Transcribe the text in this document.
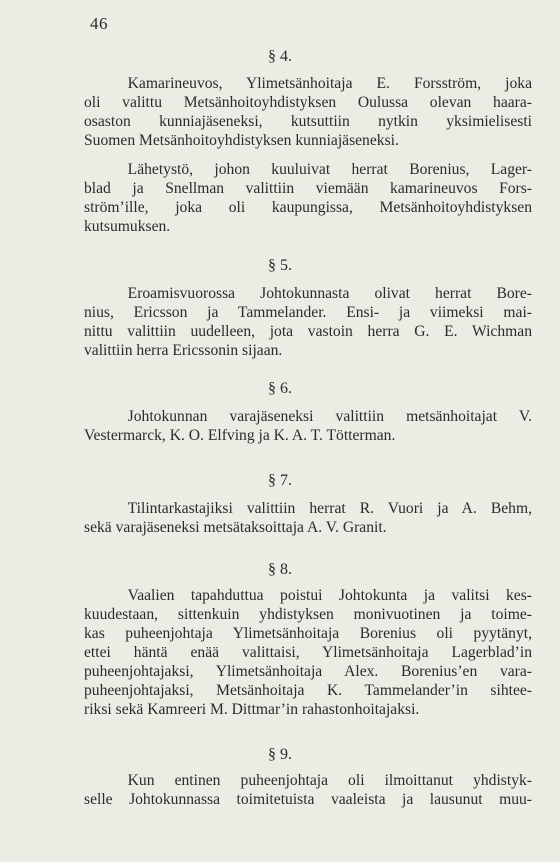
46
§ 4.
Kamarineuvos, Ylimetsänhoitaja E. Forsström, joka
oli valittu Metsänhoitoyhdistyksen Oulussa olevan haara-
osaston kunniajäseneksi, kutsuttiin nytkin yksimielisesti
Suomen Metsänhoitoyhdistyksen kunniajäseneksi.
Lähetystö, johon kuuluivat herrat Borenius, Lager-
blad ja Snellman valittiin viemään kamarineuvos Fors-
ström’ille, joka oli kaupungissa, Metsänhoitoyhdistyksen
kutsumuksen.
§ 5.
Eroamisvuorossa Johtokunnasta olivat herrat Bore-
nius, Ericsson ja Tammelander. Ensi- ja viimeksi mai-
nittu valittiin uudelleen, jota vastoin herra G. E. Wichman
valittiin herra Ericssonin sijaan.
§ 6.
Johtokunnan varajäseneksi valittiin metsänhoitajat V.
Vestermarck, K. O. Elfving ja K. A. T. Tötterman.
§ 7.
Tilintarkastajiksi valittiin herrat R. Vuori ja A. Behm,
sekä varajäseneksi metsätaksoittaja A. V. Granit.
§ 8.
Vaalien tapahduttua poistui Johtokunta ja valitsi kes-
kuudestaan, sittenkuin yhdistyksen monivuotinen ja toime-
kas puheenjohtaja Ylimetsänhoitaja Borenius oli pyytänyt,
ettei häntä enää valittaisi, Ylimetsänhoitaja Lagerblad’in
puheenjohtajaksi, Ylimetsänhoitaja Alex. Borenius’en vara-
puheenjohtajaksi, Metsänhoitaja K. Tammelander’in sihtee-
riksi sekä Kamreeri M. Dittmar’in rahastonhoitajaksi.
§ 9.
Kun entinen puheenjohtaja oli ilmoittanut yhdistyk-
selle Johtokunnassa toimitetuista vaaleista ja lausunut muu-
